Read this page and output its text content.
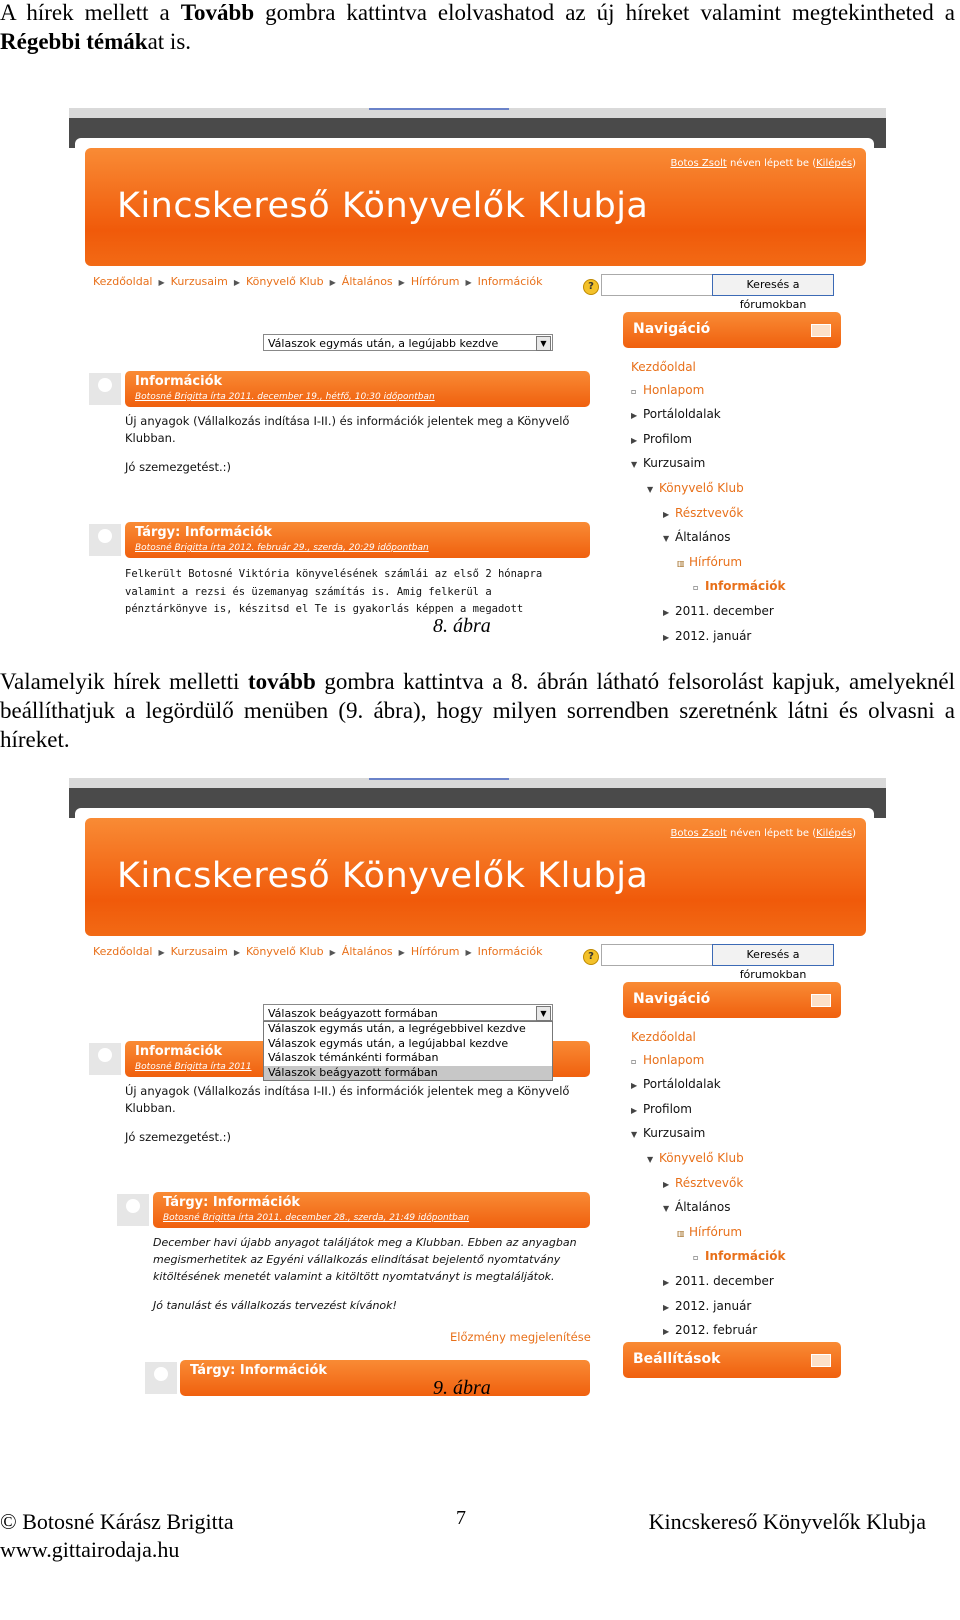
A hírek mellett a Tovább gombra kattintva elolvashatod az új híreket valamint megtekintheted a Régebbi témákat is.
Botos Zsolt néven lépett be (Kilépés)
Kincskereső Könyvelők Klubja
Kezdőoldal ▶ Kurzusaim ▶ Könyvelő Klub ▶ Általános ▶ Hírfórum ▶ Információk	?	Keresés a fórumokban
Válaszok egymás után, a legújabb kezdve	▼
Információk
Botosné Brigitta írta 2011. december 19., hétfő, 10:30 időpontban
Új anyagok (Vállalkozás indítása I-II.) és információk jelentek meg a Könyvelő
Klubban.
Jó szemezgetést.:)
Tárgy: Információk
Botosné Brigitta írta 2012. február 29., szerda, 20:29 időpontban
Felkerült Botosné Viktória könyvelésének számlái az első 2 hónapra
valamint a rezsi és üzemanyag számítás is. Amig felkerül a
pénztárkönyve is, készitsd el Te is gyakorlás képpen a megadott
Navigáció
Kezdőoldal
▫ Honlapom
▶ Portáloldalak
▶ Profilom
▼ Kurzusaim
▼ Könyvelő Klub
▶ Résztvevők
▼ Általános
▥ Hírfórum
▫ Információk
▶ 2011. december
▶ 2012. január
8. ábra
Valamelyik hírek melletti tovább gombra kattintva a 8. ábrán látható felsorolást kapjuk, amelyeknél beállíthatjuk a legördülő menüben (9. ábra), hogy milyen sorrendben szeretnénk látni és olvasni a híreket.
Botos Zsolt néven lépett be (Kilépés)
Kincskereső Könyvelők Klubja
Kezdőoldal ▶ Kurzusaim ▶ Könyvelő Klub ▶ Általános ▶ Hírfórum ▶ Információk	?	Keresés a fórumokban
Információk
Botosné Brigitta írta 2011
Új anyagok (Vállalkozás indítása I-II.) és információk jelentek meg a Könyvelő
Klubban.
Jó szemezgetést.:)
Válaszok beágyazott formában	▼
Válaszok egymás után, a legrégebbivel kezdve
Válaszok egymás után, a legújabbal kezdve
Válaszok témánkénti formában
Válaszok beágyazott formában
Tárgy: Információk
Botosné Brigitta írta 2011. december 28., szerda, 21:49 időpontban
December havi újabb anyagot találjátok meg a Klubban. Ebben az anyagban
megismerhetitek az Egyéni vállalkozás elindításat bejelentő nyomtatvány
kitöltésének menetét valamint a kitöltött nyomtatványt is megtaláljátok.
Jó tanulást és vállalkozás tervezést kívánok!
Előzmény megjelenítése
Tárgy: Információk
Navigáció
Kezdőoldal
▫ Honlapom
▶ Portáloldalak
▶ Profilom
▼ Kurzusaim
▼ Könyvelő Klub
▶ Résztvevők
▼ Általános
▥ Hírfórum
▫ Információk
▶ 2011. december
▶ 2012. január
▶ 2012. február
Beállítások
9. ábra
© Botosné Kárász Brigitta
www.gittairodaja.hu
7	Kincskereső Könyvelők Klubja
